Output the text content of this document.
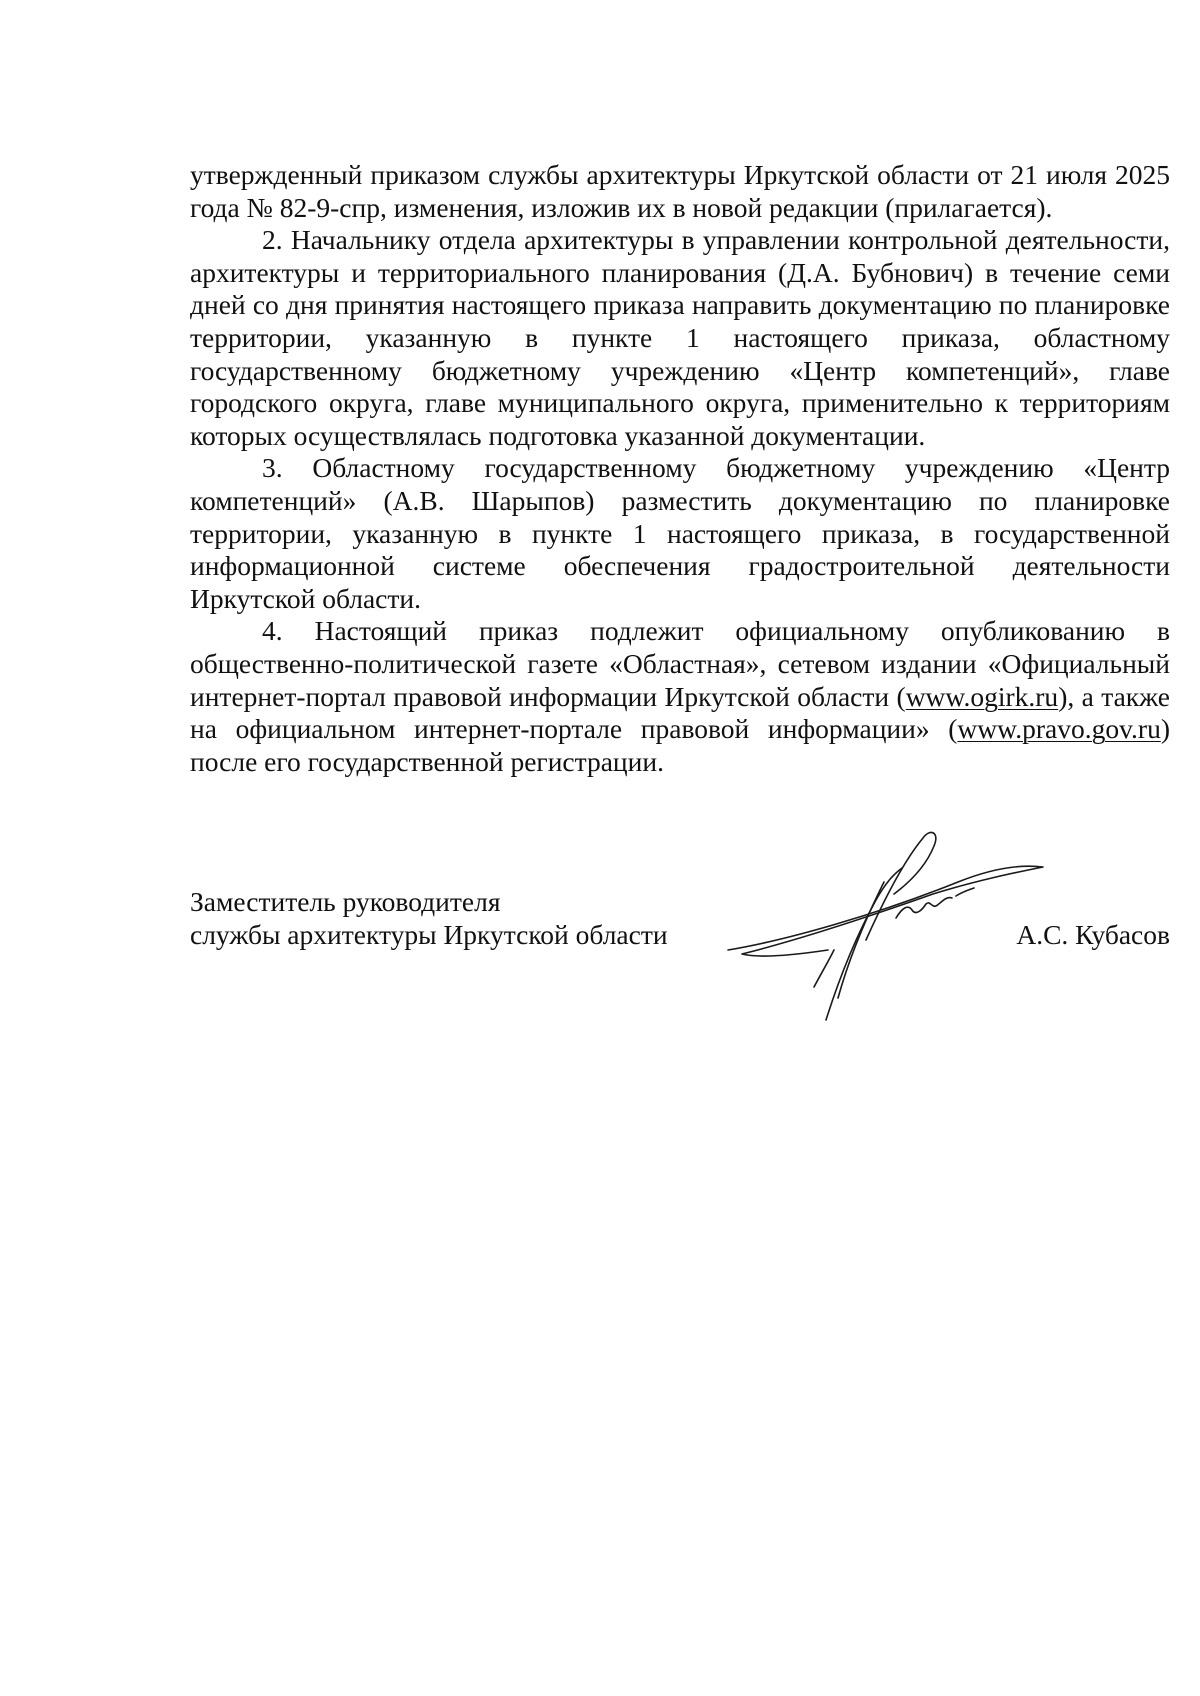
утвержденный приказом службы архитектуры Иркутской области от 21 июля 2025 года № 82-9-спр, изменения, изложив их в новой редакции (прилагается).

2. Начальнику отдела архитектуры в управлении контрольной деятельности, архитектуры и территориального планирования (Д.А. Бубнович) в течение семи дней со дня принятия настоящего приказа направить документацию по планировке территории, указанную в пункте 1 настоящего приказа, областному государственному бюджетному учреждению «Центр компетенций», главе городского округа, главе муниципального округа, применительно к территориям которых осуществлялась подготовка указанной документации.

3. Областному государственному бюджетному учреждению «Центр компетенций» (А.В. Шарыпов) разместить документацию по планировке территории, указанную в пункте 1 настоящего приказа, в государственной информационной системе обеспечения градостроительной деятельности Иркутской области.

4. Настоящий приказ подлежит официальному опубликованию в общественно-политической газете «Областная», сетевом издании «Официальный интернет-портал правовой информации Иркутской области (www.ogirk.ru), а также на официальном интернет-портале правовой информации» (www.pravo.gov.ru) после его государственной регистрации.

Заместитель руководителя
службы архитектуры Иркутской области	А.С. Кубасов
